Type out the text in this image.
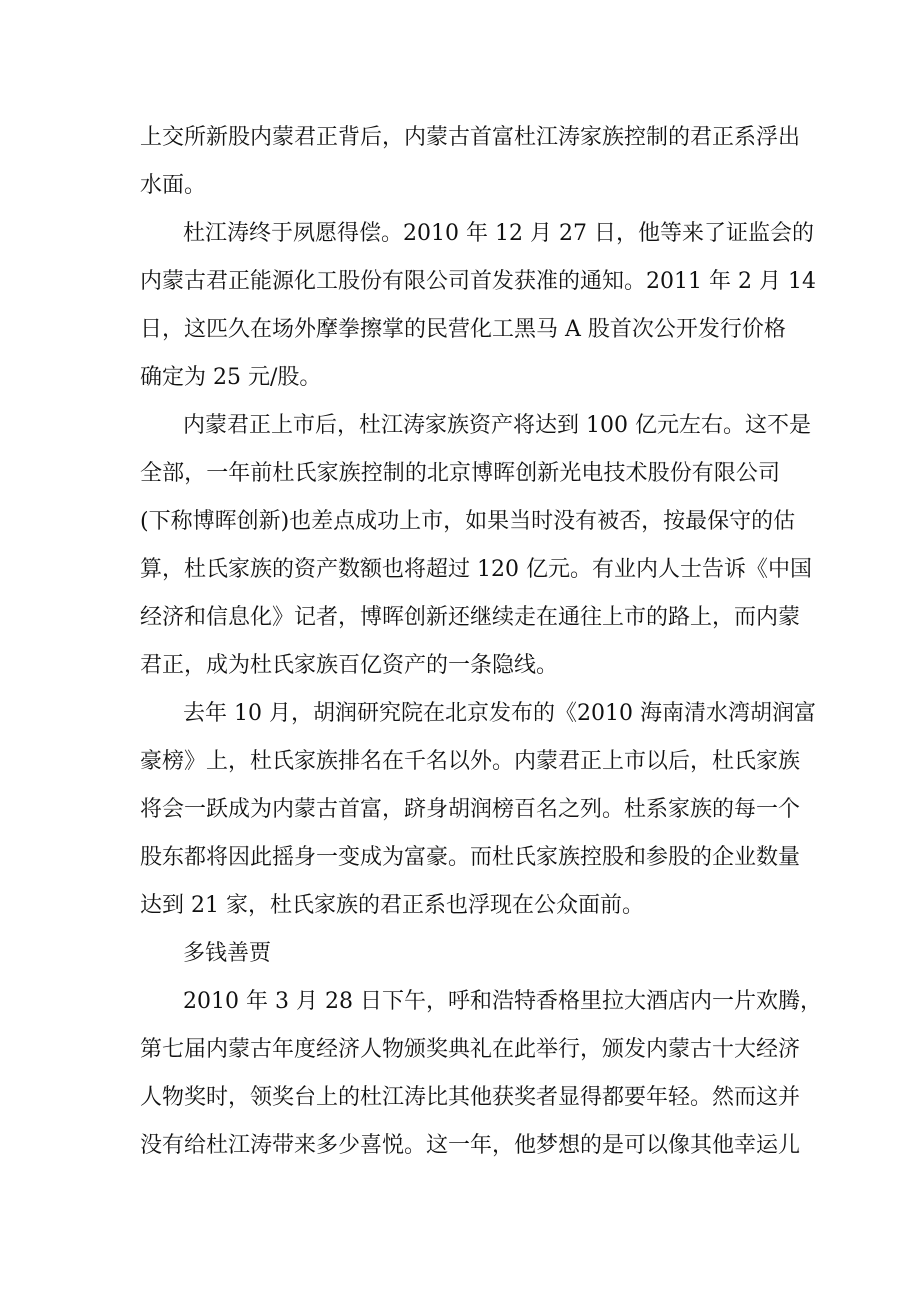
上交所新股内蒙君正背后，内蒙古首富杜江涛家族控制的君正系浮出
水面。
杜江涛终于夙愿得偿。2010 年 12 月 27 日，他等来了证监会的
内蒙古君正能源化工股份有限公司首发获准的通知。2011 年 2 月 14
日，这匹久在场外摩拳擦掌的民营化工黑马 A 股首次公开发行价格
确定为 25 元/股。
内蒙君正上市后，杜江涛家族资产将达到 100 亿元左右。这不是
全部，一年前杜氏家族控制的北京博晖创新光电技术股份有限公司
(下称博晖创新)也差点成功上市，如果当时没有被否，按最保守的估
算，杜氏家族的资产数额也将超过 120 亿元。有业内人士告诉《中国
经济和信息化》记者，博晖创新还继续走在通往上市的路上，而内蒙
君正，成为杜氏家族百亿资产的一条隐线。
去年 10 月，胡润研究院在北京发布的《2010 海南清水湾胡润富
豪榜》上，杜氏家族排名在千名以外。内蒙君正上市以后，杜氏家族
将会一跃成为内蒙古首富，跻身胡润榜百名之列。杜系家族的每一个
股东都将因此摇身一变成为富豪。而杜氏家族控股和参股的企业数量
达到 21 家，杜氏家族的君正系也浮现在公众面前。
多钱善贾
2010 年 3 月 28 日下午，呼和浩特香格里拉大酒店内一片欢腾，
第七届内蒙古年度经济人物颁奖典礼在此举行，颁发内蒙古十大经济
人物奖时，领奖台上的杜江涛比其他获奖者显得都要年轻。然而这并
没有给杜江涛带来多少喜悦。这一年，他梦想的是可以像其他幸运儿
